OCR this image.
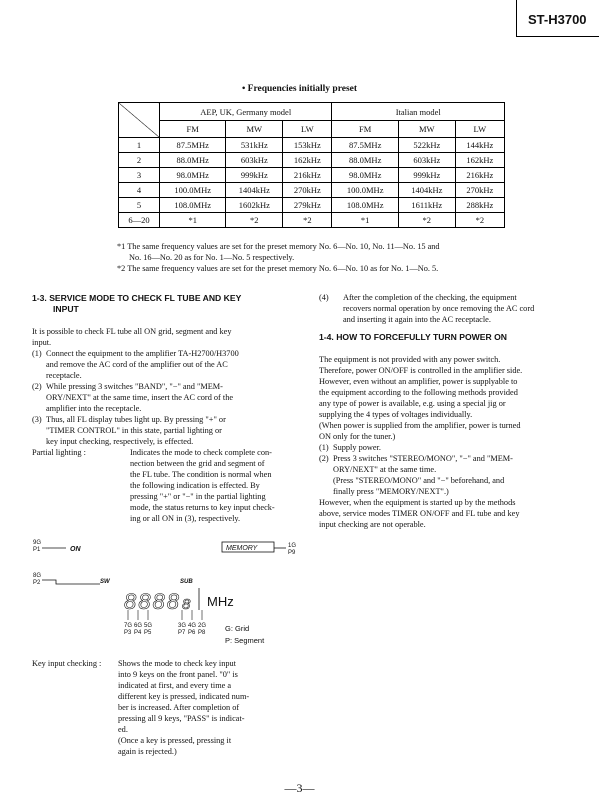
ST-H3700
• Frequencies initially preset
	AEP, UK, Germany model			Italian model		
	FM	MW	LW	FM	MW	LW
1	87.5MHz	531kHz	153kHz	87.5MHz	522kHz	144kHz
2	88.0MHz	603kHz	162kHz	88.0MHz	603kHz	162kHz
3	98.0MHz	999kHz	216kHz	98.0MHz	999kHz	216kHz
4	100.0MHz	1404kHz	270kHz	100.0MHz	1404kHz	270kHz
5	108.0MHz	1602kHz	279kHz	108.0MHz	1611kHz	288kHz
6—20	*1	*2	*2	*1	*2	*2
*1 The same frequency values are set for the preset memory No. 6—No. 10, No. 11—No. 15 and
No. 16—No. 20 as for No. 1—No. 5 respectively.
*2 The same frequency values are set for the preset memory No. 6—No. 10 as for No. 1—No. 5.
1-3. SERVICE MODE TO CHECK FL TUBE AND KEY
INPUT
It is possible to check FL tube all ON grid, segment and key
input.
(1) Connect the equipment to the amplifier TA-H2700/H3700
and remove the AC cord of the amplifier out of the AC
receptacle.
(2) While pressing 3 switches "BAND", "−" and "MEM-
ORY/NEXT" at the same time, insert the AC cord of the
amplifier into the receptacle.
(3) Thus, all FL display tubes light up. By pressing "+" or
"TIMER CONTROL" in this state, partial lighting or
key input checking, respectively, is effected.
Partial lighting :	Indicates the mode to check complete con-
nection between the grid and segment of
the FL tube. The condition is normal when
the following indication is effected. By
pressing "+" or "−" in the partial lighting
mode, the status returns to key input check-
ing or all ON in (3), respectively.
9G
P1	ON	MEMORY	1G
P9
8G
P2	SW	SUB
8888 8 MHz
7G 6G 5G	3G 4G 2G
P3 P4 P5	P7 P6 P8	G: Grid
P: Segment
Key input checking :	Shows the mode to check key input
into 9 keys on the front panel. "0" is
indicated at first, and every time a
different key is pressed, indicated num-
ber is increased. After completion of
pressing all 9 keys, "PASS" is indicat-
ed.
(Once a key is pressed, pressing it
again is rejected.)
(4) After the completion of the checking, the equipment
recovers normal operation by once removing the AC cord
and inserting it again into the AC receptacle.
1-4. HOW TO FORCEFULLY TURN POWER ON
The equipment is not provided with any power switch.
Therefore, power ON/OFF is controlled in the amplifier side.
However, even without an amplifier, power is supplyable to
the equipment according to the following methods provided
any type of power is available, e.g. using a special jig or
supplying the 4 types of voltages individually.
(When power is supplied from the amplifier, power is turned
ON only for the tuner.)
(1) Supply power.
(2) Press 3 switches "STEREO/MONO", "−" and "MEM-
ORY/NEXT" at the same time.
(Press "STEREO/MONO" and "−" beforehand, and
finally press "MEMORY/NEXT".)
However, when the equipment is started up by the methods
above, service modes TIMER ON/OFF and FL tube and key
input checking are not operable.
—3—
